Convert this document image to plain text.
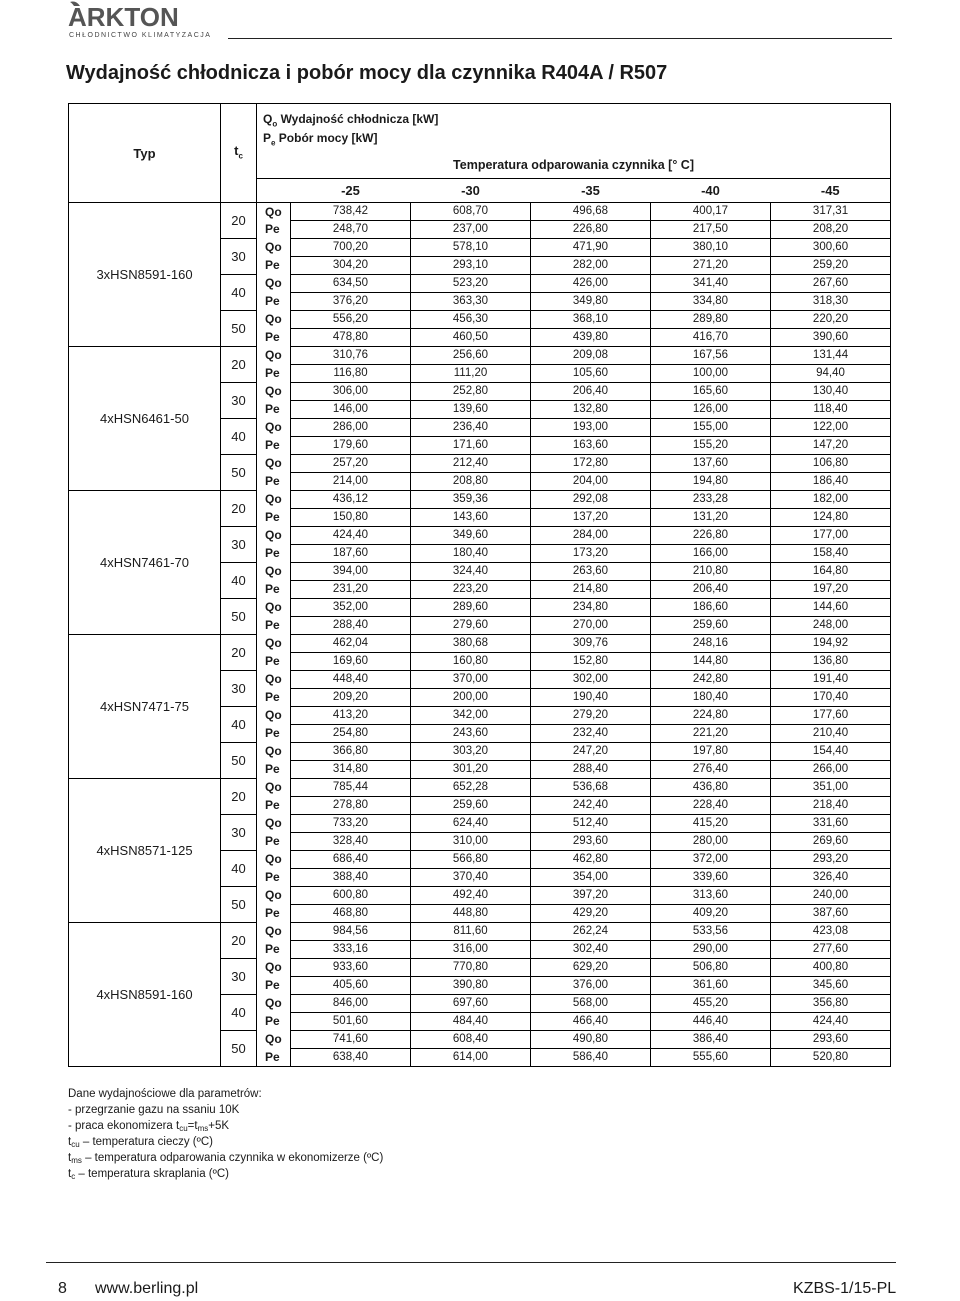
ARKTON
CHŁODNICTWO KLIMATYZACJA
Wydajność chłodnicza i pobór mocy dla czynnika R404A / R507
Typ	$t_c$	$Q_o$ Wydajność chłodnicza [kW]
$P_e$ Pobór mocy [kW]					

		Temperatura odparowania czynnika [° C]					
			-25	-30	-35	-40	-45
3xHSN8591-160	20	Qo	738,42	608,70	496,68	400,17	317,31
		Pe	248,70	237,00	226,80	217,50	208,20
	30	Qo	700,20	578,10	471,90	380,10	300,60
		Pe	304,20	293,10	282,00	271,20	259,20
	40	Qo	634,50	523,20	426,00	341,40	267,60
		Pe	376,20	363,30	349,80	334,80	318,30
	50	Qo	556,20	456,30	368,10	289,80	220,20
		Pe	478,80	460,50	439,80	416,70	390,60
4xHSN6461-50	20	Qo	310,76	256,60	209,08	167,56	131,44
		Pe	116,80	111,20	105,60	100,00	94,40
	30	Qo	306,00	252,80	206,40	165,60	130,40
		Pe	146,00	139,60	132,80	126,00	118,40
	40	Qo	286,00	236,40	193,00	155,00	122,00
		Pe	179,60	171,60	163,60	155,20	147,20
	50	Qo	257,20	212,40	172,80	137,60	106,80
		Pe	214,00	208,80	204,00	194,80	186,40
4xHSN7461-70	20	Qo	436,12	359,36	292,08	233,28	182,00
		Pe	150,80	143,60	137,20	131,20	124,80
	30	Qo	424,40	349,60	284,00	226,80	177,00
		Pe	187,60	180,40	173,20	166,00	158,40
	40	Qo	394,00	324,40	263,60	210,80	164,80
		Pe	231,20	223,20	214,80	206,40	197,20
	50	Qo	352,00	289,60	234,80	186,60	144,60
		Pe	288,40	279,60	270,00	259,60	248,00
4xHSN7471-75	20	Qo	462,04	380,68	309,76	248,16	194,92
		Pe	169,60	160,80	152,80	144,80	136,80
	30	Qo	448,40	370,00	302,00	242,80	191,40
		Pe	209,20	200,00	190,40	180,40	170,40
	40	Qo	413,20	342,00	279,20	224,80	177,60
		Pe	254,80	243,60	232,40	221,20	210,40
	50	Qo	366,80	303,20	247,20	197,80	154,40
		Pe	314,80	301,20	288,40	276,40	266,00
4xHSN8571-125	20	Qo	785,44	652,28	536,68	436,80	351,00
		Pe	278,80	259,60	242,40	228,40	218,40
	30	Qo	733,20	624,40	512,40	415,20	331,60
		Pe	328,40	310,00	293,60	280,00	269,60
	40	Qo	686,40	566,80	462,80	372,00	293,20
		Pe	388,40	370,40	354,00	339,60	326,40
	50	Qo	600,80	492,40	397,20	313,60	240,00
		Pe	468,80	448,80	429,20	409,20	387,60
4xHSN8591-160	20	Qo	984,56	811,60	262,24	533,56	423,08
		Pe	333,16	316,00	302,40	290,00	277,60
	30	Qo	933,60	770,80	629,20	506,80	400,80
		Pe	405,60	390,80	376,00	361,60	345,60
	40	Qo	846,00	697,60	568,00	455,20	356,80
		Pe	501,60	484,40	466,40	446,40	424,40
	50	Qo	741,60	608,40	490,80	386,40	293,60
		Pe	638,40	614,00	586,40	555,60	520,80
Dane wydajnościowe dla parametrów:
- przegrzanie gazu na ssaniu 10K
- praca ekonomizera $t_{cu}=t_{ms}+5K$
$t_{cu}$ – temperatura cieczy (ºC)
$t_{ms}$ – temperatura odparowania czynnika w ekonomizerze (ºC)
$t_c$ – temperatura skraplania (ºC)
8 www.berling.pl	KZBS-1/15-PL
